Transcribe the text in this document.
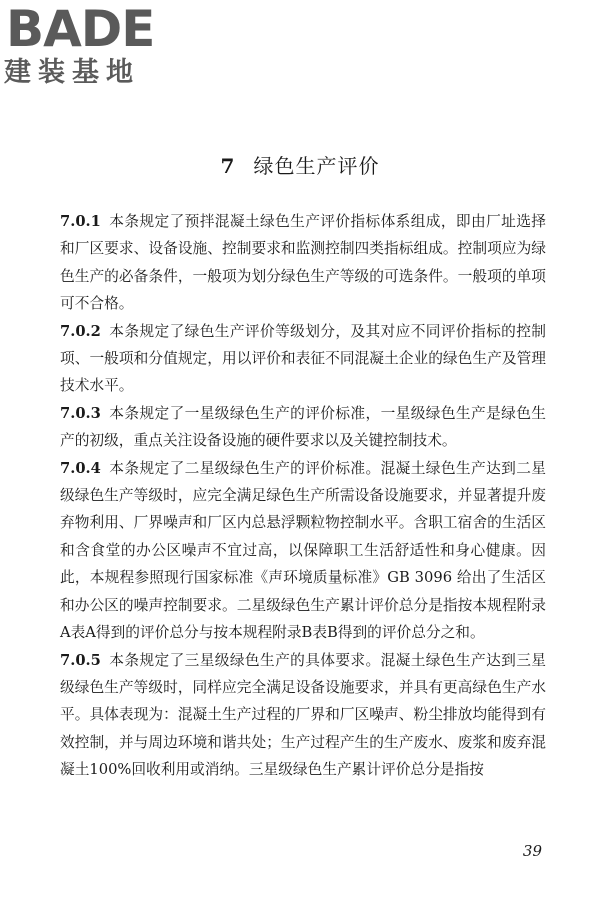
BADE
建装基地
7 绿色生产评价

7.0.1 本条规定了预拌混凝土绿色生产评价指标体系组成，即由厂址选择和厂区要求、设备设施、控制要求和监测控制四类指标组成。控制项应为绿色生产的必备条件，一般项为划分绿色生产等级的可选条件。一般项的单项可不合格。

7.0.2 本条规定了绿色生产评价等级划分，及其对应不同评价指标的控制项、一般项和分值规定，用以评价和表征不同混凝土企业的绿色生产及管理技术水平。

7.0.3 本条规定了一星级绿色生产的评价标准，一星级绿色生产是绿色生产的初级，重点关注设备设施的硬件要求以及关键控制技术。

7.0.4 本条规定了二星级绿色生产的评价标准。混凝土绿色生产达到二星级绿色生产等级时，应完全满足绿色生产所需设备设施要求，并显著提升废弃物利用、厂界噪声和厂区内总悬浮颗粒物控制水平。含职工宿舍的生活区和含食堂的办公区噪声不宜过高，以保障职工生活舒适性和身心健康。因此，本规程参照现行国家标准《声环境质量标准》GB 3096 给出了生活区和办公区的噪声控制要求。二星级绿色生产累计评价总分是指按本规程附录A表A得到的评价总分与按本规程附录B表B得到的评价总分之和。

7.0.5 本条规定了三星级绿色生产的具体要求。混凝土绿色生产达到三星级绿色生产等级时，同样应完全满足设备设施要求，并具有更高绿色生产水平。具体表现为：混凝土生产过程的厂界和厂区噪声、粉尘排放均能得到有效控制，并与周边环境和谐共处；生产过程产生的生产废水、废浆和废弃混凝土100%回收利用或消纳。三星级绿色生产累计评价总分是指按

39
